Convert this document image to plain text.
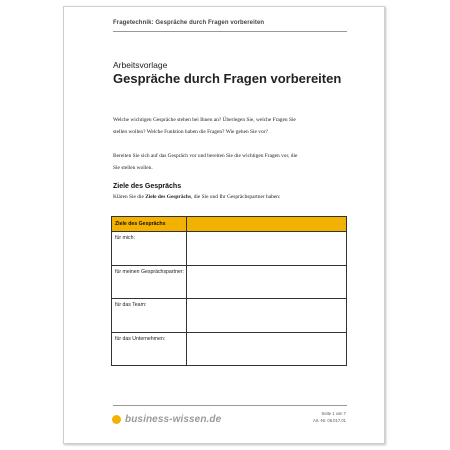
Fragetechnik: Gespräche durch Fragen vorbereiten
Arbeitsvorlage
Gespräche durch Fragen vorbereiten
Welche wichtigen Gespräche stehen bei Ihnen an? Überlegen Sie, welche Fragen Sie stellen wollen? Welche Funktion haben die Fragen? Wie gehen Sie vor?
Bereiten Sie sich auf das Gespräch vor und bereiten Sie die wichtigen Fragen vor, die Sie stellen wollen.
Ziele des Gesprächs
Klären Sie die Ziele des Gesprächs, die Sie und Ihr Gesprächspartner haben:
Ziele des Gesprächs	
für mich:	
für meinen Gesprächspartner:	
für das Team:	
für das Unternehmen:	
business-wissen.de
Seite 1 von 7
Art.-Nr. 06.017.01
